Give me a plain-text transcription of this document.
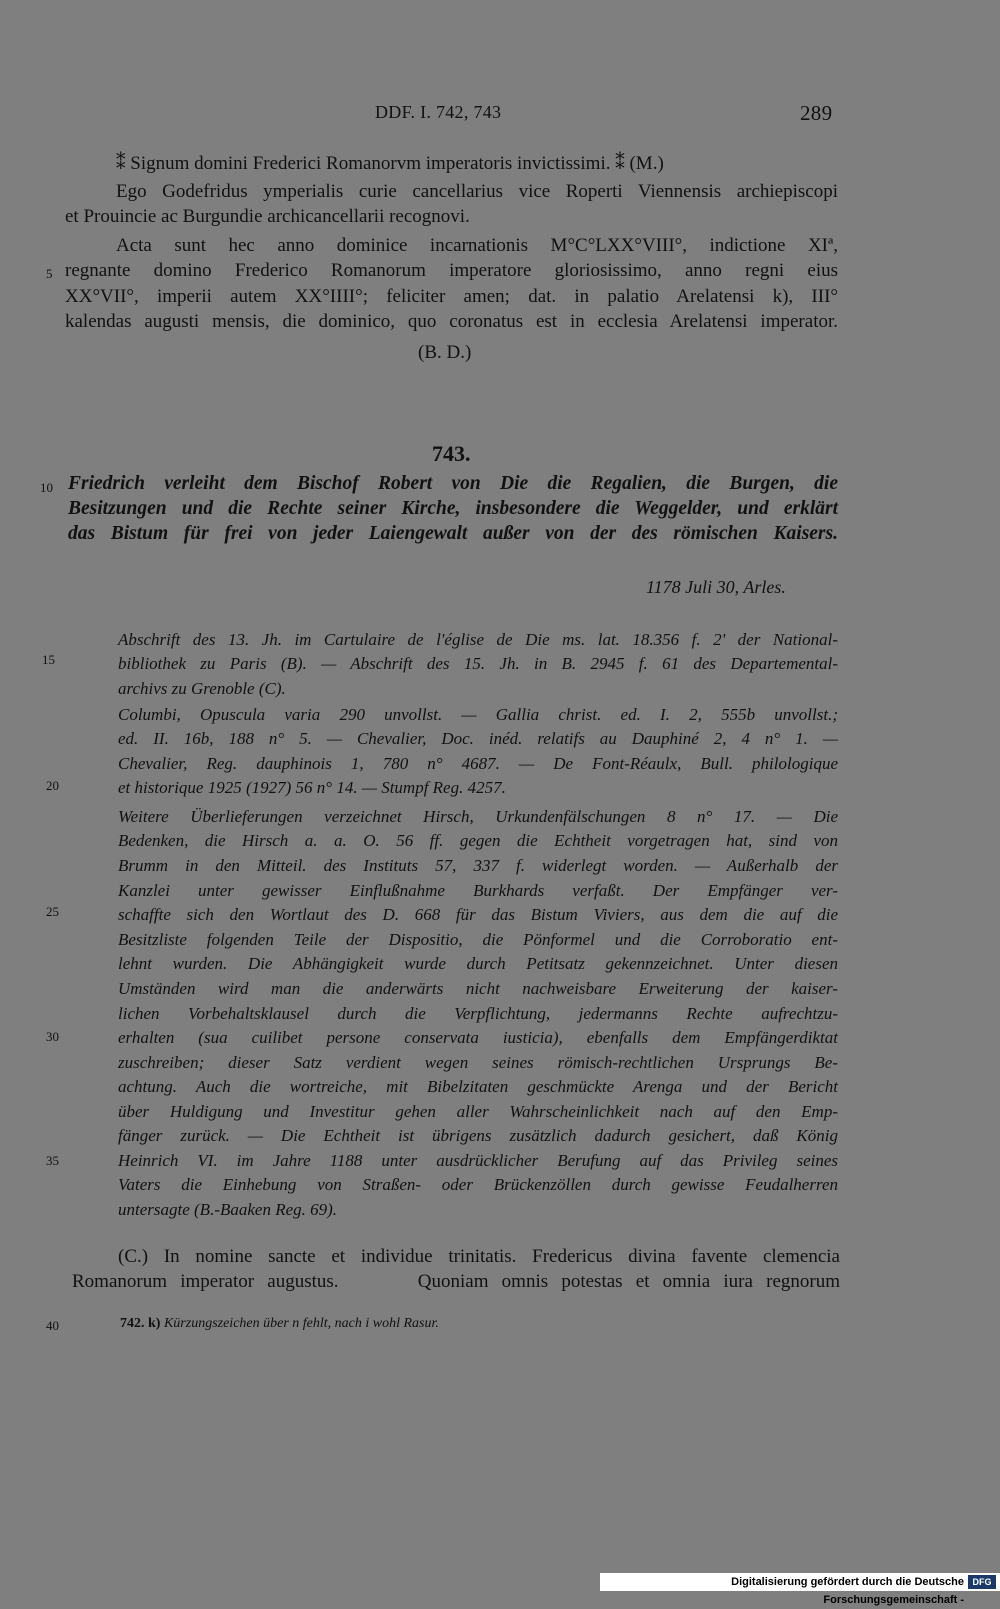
DDF. I. 742, 743	289
⁑ Signum domini Frederici Romanorvm imperatoris invictissimi. ⁑ (M.)
Ego Godefridus ymperialis curie cancellarius vice Roperti Viennensis archiepiscopi
et Prouincie ac Burgundie archicancellarii recognovi.
Acta sunt hec anno dominice incarnationis M°C°LXX°VIII°, indictione XIª,
regnante domino Frederico Romanorum imperatore gloriosissimo, anno regni eius
XX°VII°, imperii autem XX°IIII°; feliciter amen; dat. in palatio Arelatensi k), III°
kalendas augusti mensis, die dominico, quo coronatus est in ecclesia Arelatensi imperator.
(B. D.)
743.
Friedrich verleiht dem Bischof Robert von Die die Regalien, die Burgen, die
Besitzungen und die Rechte seiner Kirche, insbesondere die Weggelder, und erklärt
das Bistum für frei von jeder Laiengewalt außer von der des römischen Kaisers.
1178 Juli 30, Arles.
Abschrift des 13. Jh. im Cartulaire de l'église de Die ms. lat. 18.356 f. 2' der National-
bibliothek zu Paris (B). — Abschrift des 15. Jh. in B. 2945 f. 61 des Departemental-
archivs zu Grenoble (C).
Columbi, Opuscula varia 290 unvollst. — Gallia christ. ed. I. 2, 555b unvollst.;
ed. II. 16b, 188 n° 5. — Chevalier, Doc. inéd. relatifs au Dauphiné 2, 4 n° 1. —
Chevalier, Reg. dauphinois 1, 780 n° 4687. — De Font-Réaulx, Bull. philologique
et historique 1925 (1927) 56 n° 14. — Stumpf Reg. 4257.
Weitere Überlieferungen verzeichnet Hirsch, Urkundenfälschungen 8 n° 17. — Die
Bedenken, die Hirsch a. a. O. 56 ff. gegen die Echtheit vorgetragen hat, sind von
Brumm in den Mitteil. des Instituts 57, 337 f. widerlegt worden. — Außerhalb der
Kanzlei unter gewisser Einflußnahme Burkhards verfaßt. Der Empfänger ver-
schaffte sich den Wortlaut des D. 668 für das Bistum Viviers, aus dem die auf die
Besitzliste folgenden Teile der Dispositio, die Pönformel und die Corroboratio ent-
lehnt wurden. Die Abhängigkeit wurde durch Petitsatz gekennzeichnet. Unter diesen
Umständen wird man die anderwärts nicht nachweisbare Erweiterung der kaiser-
lichen Vorbehaltsklausel durch die Verpflichtung, jedermanns Rechte aufrechtzu-
erhalten (sua cuilibet persone conservata iusticia), ebenfalls dem Empfängerdiktat
zuschreiben; dieser Satz verdient wegen seines römisch-rechtlichen Ursprungs Be-
achtung. Auch die wortreiche, mit Bibelzitaten geschmückte Arenga und der Bericht
über Huldigung und Investitur gehen aller Wahrscheinlichkeit nach auf den Emp-
fänger zurück. — Die Echtheit ist übrigens zusätzlich dadurch gesichert, daß König
Heinrich VI. im Jahre 1188 unter ausdrücklicher Berufung auf das Privileg seines
Vaters die Einhebung von Straßen- oder Brückenzöllen durch gewisse Feudalherren
untersagte (B.-Baaken Reg. 69).
(C.) In nomine sancte et individue trinitatis. Fredericus divina favente clemencia
Romanorum imperator augustus.      Quoniam omnis potestas et omnia iura regnorum
5
10
15
20
25
30
35
40	742. k) Kürzungszeichen über n fehlt, nach i wohl Rasur.
Digitalisierung gefördert durch die Deutsche Forschungsgemeinschaft -
DFG
